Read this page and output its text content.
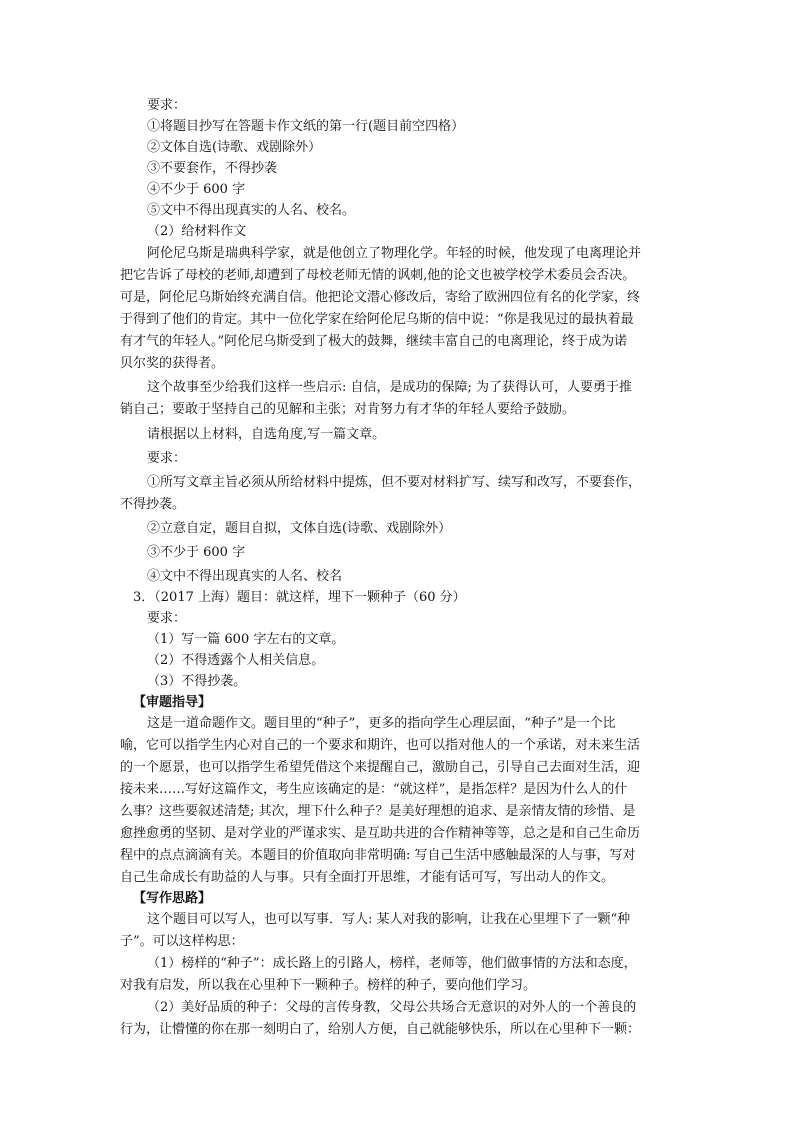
要求：
①将题目抄写在答题卡作文纸的第一行(题目前空四格）
②文体自选(诗歌、戏剧除外）
③不要套作，不得抄袭
④不少于 600 字
⑤文中不得出现真实的人名、校名。
（2）给材料作文
阿伦尼乌斯是瑞典科学家，就是他创立了物理化学。年轻的时候，他发现了电离理论并
把它告诉了母校的老师,却遭到了母校老师无情的讽刺,他的论文也被学校学术委员会否决。
可是，阿伦尼乌斯始终充满自信。他把论文潜心修改后，寄给了欧洲四位有名的化学家，终
于得到了他们的肯定。其中一位化学家在给阿伦尼乌斯的信中说：“你是我见过的最执着最
有才气的年轻人。”阿伦尼乌斯受到了极大的鼓舞，继续丰富自己的电离理论，终于成为诺
贝尔奖的获得者。
这个故事至少给我们这样一些启示: 自信，是成功的保障; 为了获得认可，人要勇于推
销自己；要敢于坚持自己的见解和主张；对肯努力有才华的年轻人要给予鼓励。
请根据以上材料，自选角度,写一篇文章。
要求：
①所写文章主旨必须从所给材料中提炼，但不要对材料扩写、续写和改写，不要套作，
不得抄袭。
②立意自定，题目自拟，文体自选(诗歌、戏剧除外）
③不少于 600 字
④文中不得出现真实的人名、校名
3．（2017 上海）题目：就这样，埋下一颗种子（60 分）
要求：
（1）写一篇 600 字左右的文章。
（2）不得透露个人相关信息。
（3）不得抄袭。
【审题指导】
这是一道命题作文。题目里的“种子”，更多的指向学生心理层面，“种子”是一个比
喻，它可以指学生内心对自己的一个要求和期许，也可以指对他人的一个承诺，对未来生活
的一个愿景，也可以指学生希望凭借这个来提醒自己，激励自己，引导自己去面对生活，迎
接未来……写好这篇作文，考生应该确定的是：“就这样”，是指怎样？是因为什么人的什
么事？这些要叙述清楚; 其次，埋下什么种子？是美好理想的追求、是亲情友情的珍惜、是
愈挫愈勇的坚韧、是对学业的严谨求实、是互助共进的合作精神等等，总之是和自己生命历
程中的点点滴滴有关。本题目的价值取向非常明确: 写自己生活中感触最深的人与事，写对
自己生命成长有助益的人与事。只有全面打开思维，才能有话可写，写出动人的作文。
【写作思路】
这个题目可以写人，也可以写事．写人: 某人对我的影响，让我在心里埋下了一颗“种
子”。可以这样构思：
（1）榜样的“种子”：成长路上的引路人，榜样，老师等，他们做事情的方法和态度，
对我有启发，所以我在心里种下一颗种子。榜样的种子，要向他们学习。
（2）美好品质的种子：父母的言传身教，父母公共场合无意识的对外人的一个善良的
行为，让懵懂的你在那一刻明白了，给别人方便，自己就能够快乐，所以在心里种下一颗：
